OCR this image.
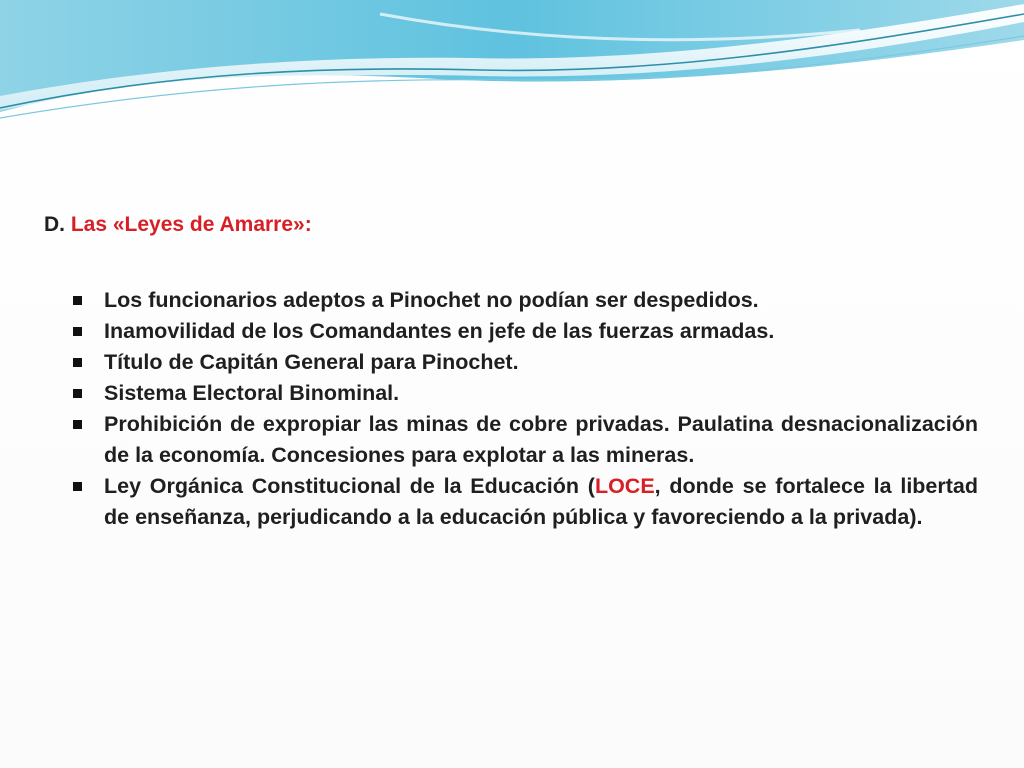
D. Las «Leyes de Amarre»:
Los funcionarios adeptos a Pinochet no podían ser despedidos.
Inamovilidad de los Comandantes en jefe de las fuerzas armadas.
Título de Capitán General para Pinochet.
Sistema Electoral Binominal.
Prohibición de expropiar las minas de cobre privadas. Paulatina desnacionalización de la economía. Concesiones para explotar a las mineras.
Ley Orgánica Constitucional de la Educación (LOCE, donde se fortalece la libertad de enseñanza, perjudicando a la educación pública y favoreciendo a la privada).
